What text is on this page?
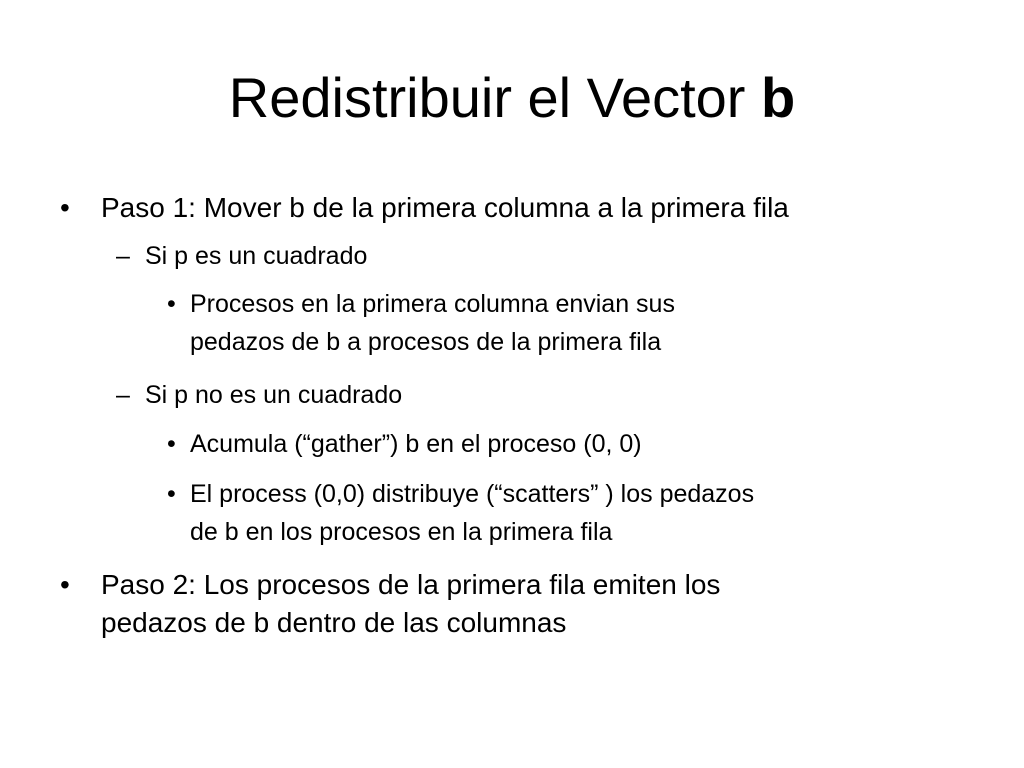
Redistribuir el Vector b
• Paso 1: Mover b de la primera columna a la primera fila

– Si p es un cuadrado

• Procesos en la primera columna envian sus
pedazos de b a procesos de la primera fila

– Si p no es un cuadrado

• Acumula (“gather”) b en el proceso (0, 0)

• El process (0,0) distribuye (“scatters” ) los pedazos
de b en los procesos en la primera fila

• Paso 2: Los procesos de la primera fila emiten los
pedazos de b dentro de las columnas
